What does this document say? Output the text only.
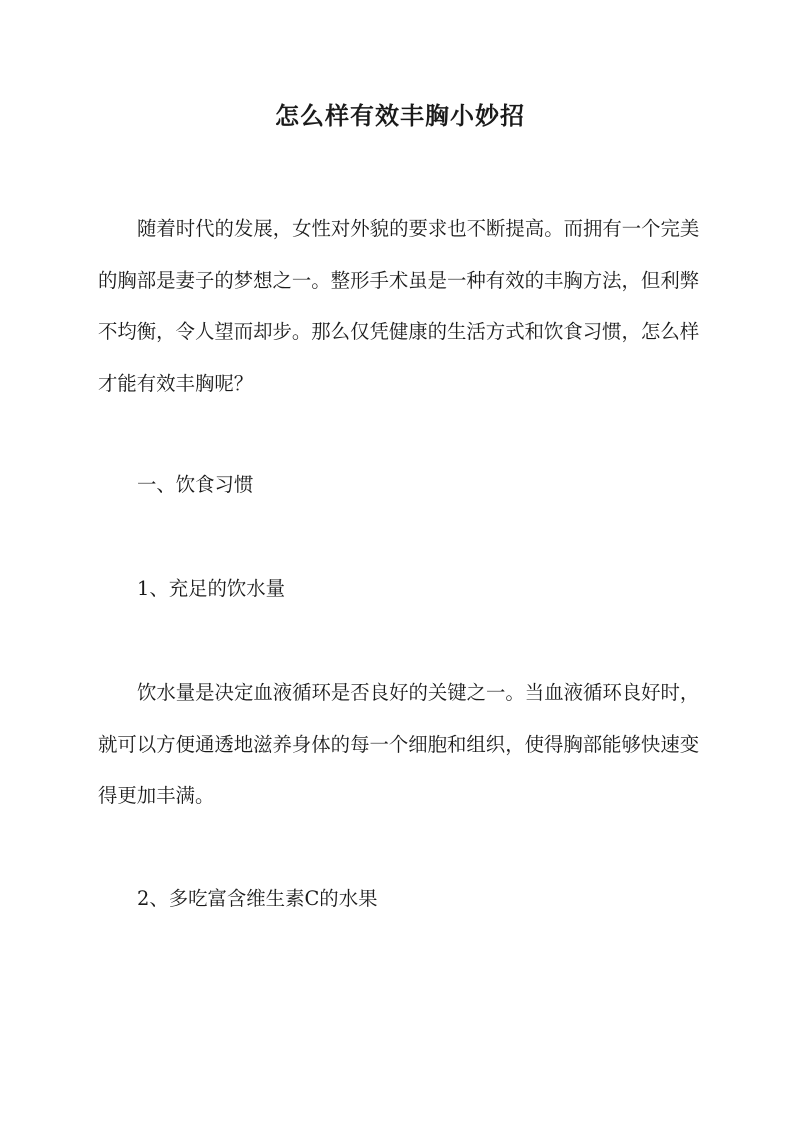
怎么样有效丰胸小妙招

随着时代的发展，女性对外貌的要求也不断提高。而拥有一个完美的胸部是妻子的梦想之一。整形手术虽是一种有效的丰胸方法，但利弊不均衡，令人望而却步。那么仅凭健康的生活方式和饮食习惯，怎么样才能有效丰胸呢？

一、饮食习惯

1、充足的饮水量

饮水量是决定血液循环是否良好的关键之一。当血液循环良好时，就可以方便通透地滋养身体的每一个细胞和组织，使得胸部能够快速变得更加丰满。

2、多吃富含维生素C的水果
